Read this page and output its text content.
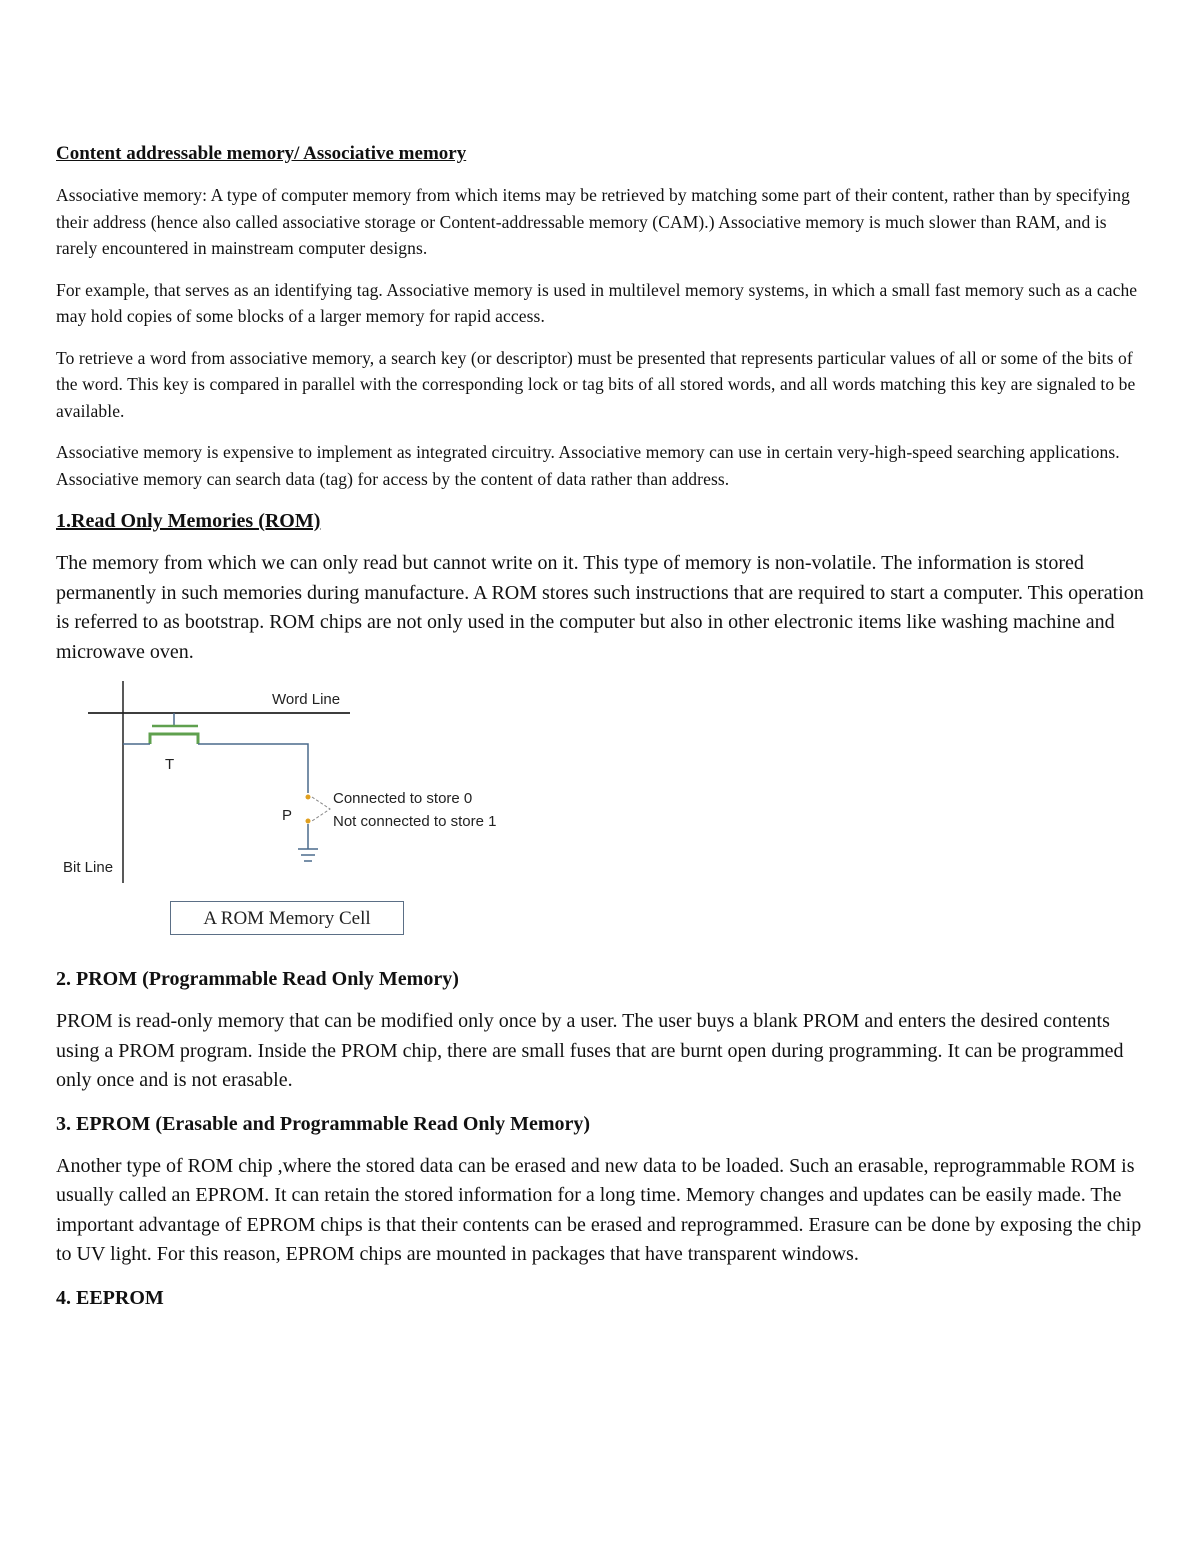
Content addressable memory/ Associative memory

Associative memory: A type of computer memory from which items may be retrieved by matching some part of their content, rather than by specifying their address (hence also called associative storage or Content-addressable memory (CAM).) Associative memory is much slower than RAM, and is rarely encountered in mainstream computer designs.

For example, that serves as an identifying tag. Associative memory is used in multilevel memory systems, in which a small fast memory such as a cache may hold copies of some blocks of a larger memory for rapid access.

To retrieve a word from associative memory, a search key (or descriptor) must be presented that represents particular values of all or some of the bits of the word. This key is compared in parallel with the corresponding lock or tag bits of all stored words, and all words matching this key are signaled to be available.

Associative memory is expensive to implement as integrated circuitry. Associative memory can use in certain very-high-speed searching applications. Associative memory can search data (tag) for access by the content of data rather than address.

1.Read Only Memories (ROM)

The memory from which we can only read but cannot write on it. This type of memory is non-volatile. The information is stored permanently in such memories during manufacture. A ROM stores such instructions that are required to start a computer. This operation is referred to as bootstrap. ROM chips are not only used in the computer but also in other electronic items like washing machine and microwave oven.

Word Line
T
P
Connected to store 0
Not connected to store 1
Bit Line
A ROM Memory Cell
2. PROM (Programmable Read Only Memory)

PROM is read-only memory that can be modified only once by a user. The user buys a blank PROM and enters the desired contents using a PROM program. Inside the PROM chip, there are small fuses that are burnt open during programming. It can be programmed only once and is not erasable.

3. EPROM (Erasable and Programmable Read Only Memory)

Another type of ROM chip ,where the stored data can be erased and new data to be loaded. Such an erasable, reprogrammable ROM is usually called an EPROM. It can retain the stored information for a long time. Memory changes and updates can be easily made. The important advantage of EPROM chips is that their contents can be erased and reprogrammed. Erasure can be done by exposing the chip to UV light. For this reason, EPROM chips are mounted in packages that have transparent windows.

4. EEPROM
